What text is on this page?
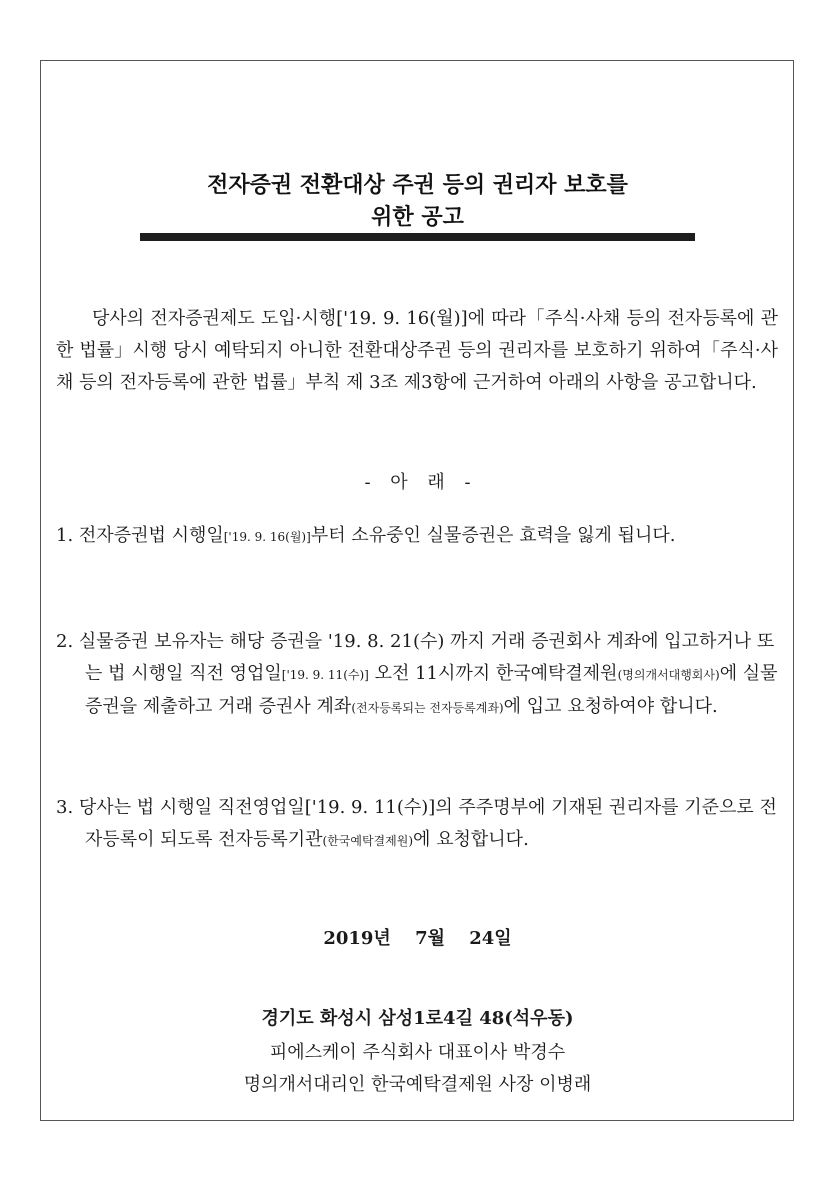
전자증권 전환대상 주권 등의 권리자 보호를
위한 공고

당사의 전자증권제도 도입·시행['19. 9. 16(월)]에 따라「주식·사채 등의 전자등록에 관한 법률」시행 당시 예탁되지 아니한 전환대상주권 등의 권리자를 보호하기 위하여「주식·사채 등의 전자등록에 관한 법률」부칙 제 3조 제3항에 근거하여 아래의 사항을 공고합니다.

- 아 래 -
1. 전자증권법 시행일['19. 9. 16(월)]부터 소유중인 실물증권은 효력을 잃게 됩니다.
2. 실물증권 보유자는 해당 증권을 '19. 8. 21(수) 까지 거래 증권회사 계좌에 입고하거나 또는 법 시행일 직전 영업일['19. 9. 11(수)] 오전 11시까지 한국예탁결제원(명의개서대행회사)에 실물증권을 제출하고 거래 증권사 계좌(전자등록되는 전자등록계좌)에 입고 요청하여야 합니다.
3. 당사는 법 시행일 직전영업일['19. 9. 11(수)]의 주주명부에 기재된 권리자를 기준으로 전자등록이 되도록 전자등록기관(한국예탁결제원)에 요청합니다.
2019년 7월 24일
경기도 화성시 삼성1로4길 48(석우동)
피에스케이 주식회사 대표이사 박경수
명의개서대리인 한국예탁결제원 사장 이병래
